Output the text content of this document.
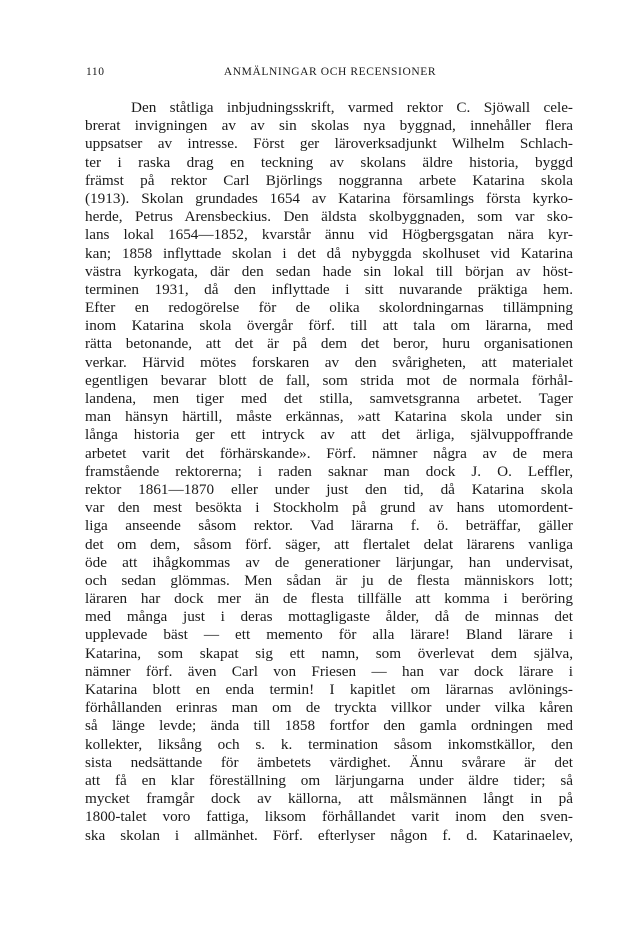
110	ANMÄLNINGAR OCH RECENSIONER
Den ståtliga inbjudningsskrift, varmed rektor C. Sjöwall cele-
brerat invigningen av av sin skolas nya byggnad, innehåller flera
uppsatser av intresse. Först ger läroverksadjunkt Wilhelm Schlach-
ter i raska drag en teckning av skolans äldre historia, byggd
främst på rektor Carl Björlings noggranna arbete Katarina skola
(1913). Skolan grundades 1654 av Katarina församlings första kyrko-
herde, Petrus Arensbeckius. Den äldsta skolbyggnaden, som var sko-
lans lokal 1654—1852, kvarstår ännu vid Högbergsgatan nära kyr-
kan; 1858 inflyttade skolan i det då nybyggda skolhuset vid Katarina
västra kyrkogata, där den sedan hade sin lokal till början av höst-
terminen 1931, då den inflyttade i sitt nuvarande präktiga hem.
Efter en redogörelse för de olika skolordningarnas tillämpning
inom Katarina skola övergår förf. till att tala om lärarna, med
rätta betonande, att det är på dem det beror, huru organisationen
verkar. Härvid mötes forskaren av den svårigheten, att materialet
egentligen bevarar blott de fall, som strida mot de normala förhål-
landena, men tiger med det stilla, samvetsgranna arbetet. Tager
man hänsyn härtill, måste erkännas, »att Katarina skola under sin
långa historia ger ett intryck av att det ärliga, självuppoffrande
arbetet varit det förhärskande». Förf. nämner några av de mera
framstående rektorerna; i raden saknar man dock J. O. Leffler,
rektor 1861—1870 eller under just den tid, då Katarina skola
var den mest besökta i Stockholm på grund av hans utomordent-
liga anseende såsom rektor. Vad lärarna f. ö. beträffar, gäller
det om dem, såsom förf. säger, att flertalet delat lärarens vanliga
öde att ihågkommas av de generationer lärjungar, han undervisat,
och sedan glömmas. Men sådan är ju de flesta människors lott;
läraren har dock mer än de flesta tillfälle att komma i beröring
med många just i deras mottagligaste ålder, då de minnas det
upplevade bäst — ett memento för alla lärare! Bland lärare i
Katarina, som skapat sig ett namn, som överlevat dem själva,
nämner förf. även Carl von Friesen — han var dock lärare i
Katarina blott en enda termin! I kapitlet om lärarnas avlönings-
förhållanden erinras man om de tryckta villkor under vilka kåren
så länge levde; ända till 1858 fortfor den gamla ordningen med
kollekter, liksång och s. k. termination såsom inkomstkällor, den
sista nedsättande för ämbetets värdighet. Ännu svårare är det
att få en klar föreställning om lärjungarna under äldre tider; så
mycket framgår dock av källorna, att målsmännen långt in på
1800-talet voro fattiga, liksom förhållandet varit inom den sven-
ska skolan i allmänhet. Förf. efterlyser någon f. d. Katarinaelev,
